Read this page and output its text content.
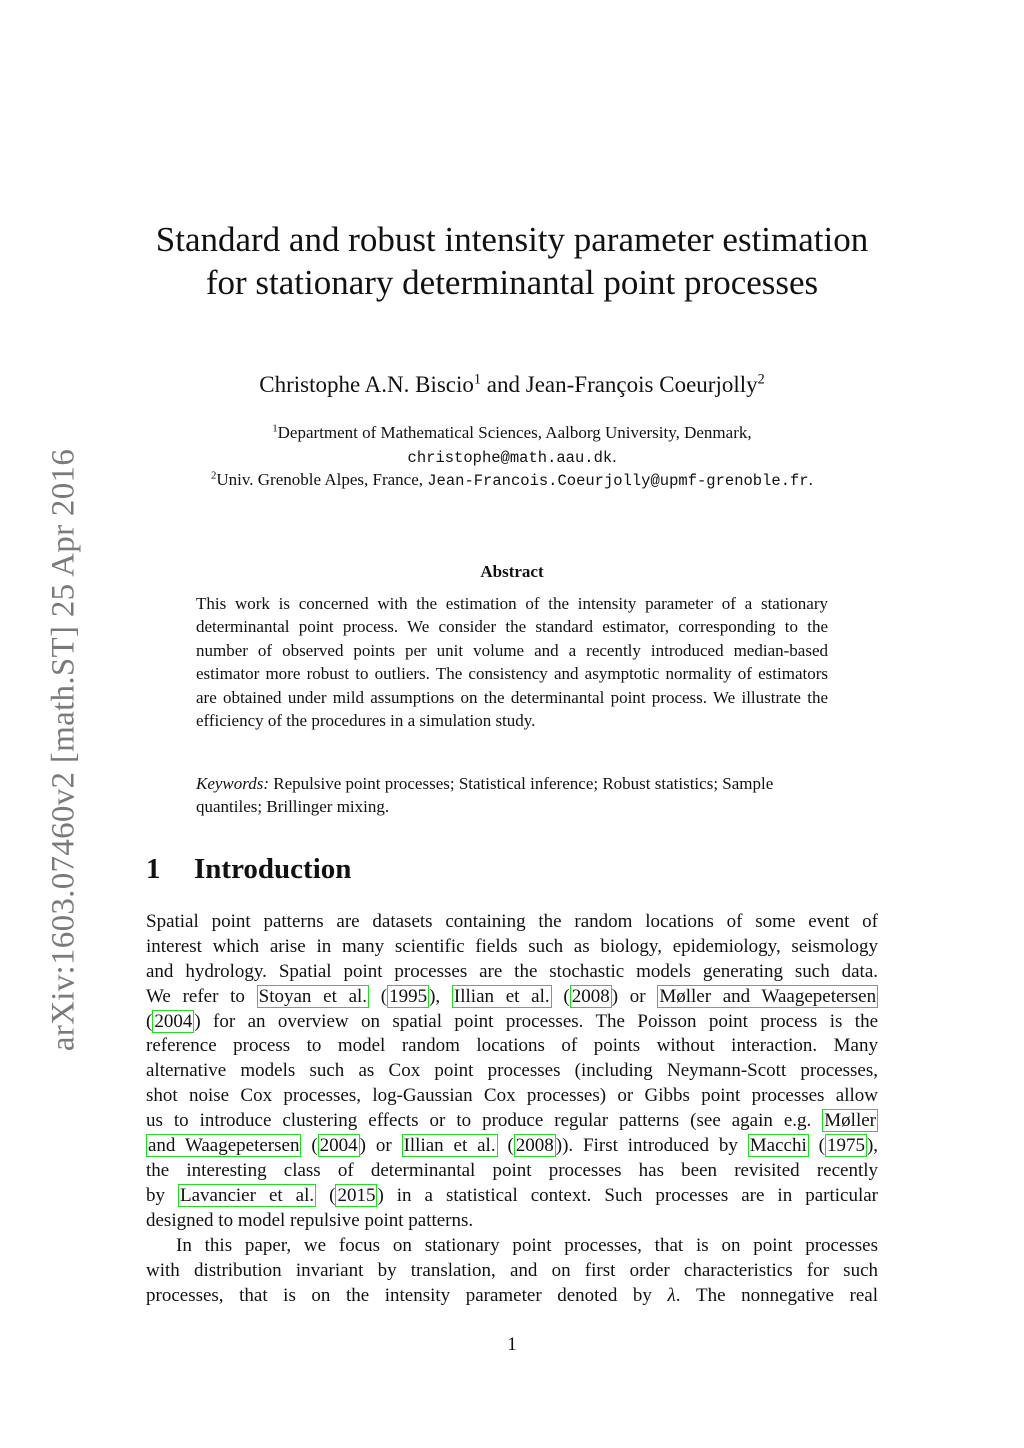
arXiv:1603.07460v2 [math.ST] 25 Apr 2016
Standard and robust intensity parameter estimation for stationary determinantal point processes
Christophe A.N. Biscio$^1$ and Jean-François Coeurjolly$^2$
$^1$Department of Mathematical Sciences, Aalborg University, Denmark,
christophe@math.aau.dk.
$^2$Univ. Grenoble Alpes, France, Jean-Francois.Coeurjolly@upmf-grenoble.fr.
Abstract
This work is concerned with the estimation of the intensity parameter of a stationary determinantal point process. We consider the standard estimator, corresponding to the number of observed points per unit volume and a recently introduced median-based estimator more robust to outliers. The consistency and asymptotic normality of estimators are obtained under mild assumptions on the determinantal point process. We illustrate the efficiency of the procedures in a simulation study.
Keywords: Repulsive point processes; Statistical inference; Robust statistics; Sample quantiles; Brillinger mixing.
1 Introduction
Spatial point patterns are datasets containing the random locations of some event of
interest which arise in many scientific fields such as biology, epidemiology, seismology
and hydrology. Spatial point processes are the stochastic models generating such data.
We refer to Stoyan et al. ( 1995 ), Illian et al. ( 2008 ) or Møller and Waagepetersen
( 2004 ) for an overview on spatial point processes. The Poisson point process is the
reference process to model random locations of points without interaction. Many
alternative models such as Cox point processes (including Neymann-Scott processes,
shot noise Cox processes, log-Gaussian Cox processes) or Gibbs point processes allow
us to introduce clustering effects or to produce regular patterns (see again e.g. Møller
and Waagepetersen ( 2004 ) or Illian et al. ( 2008 )). First introduced by Macchi ( 1975 ),
the interesting class of determinantal point processes has been revisited recently
by Lavancier et al. ( 2015 ) in a statistical context. Such processes are in particular
designed to model repulsive point patterns.
In this paper, we focus on stationary point processes, that is on point processes
with distribution invariant by translation, and on first order characteristics for such
processes, that is on the intensity parameter denoted by λ. The nonnegative real
1
